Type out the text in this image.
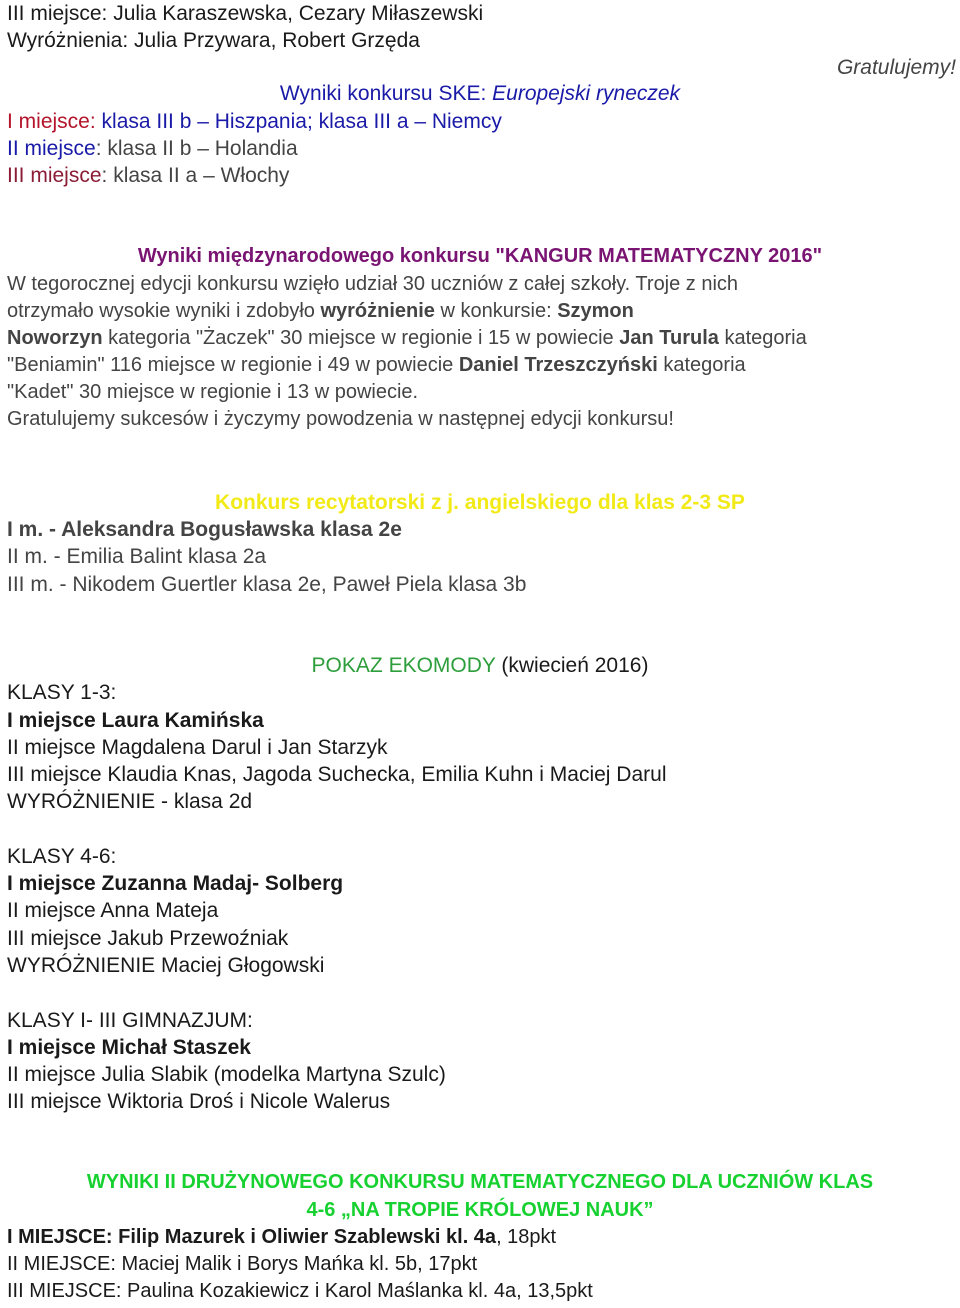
III miejsce: Julia Karaszewska, Cezary Miłaszewski
Wyróżnienia: Julia Przywara, Robert Grzęda
Gratulujemy!
Wyniki konkursu SKE: Europejski ryneczek
I miejsce: klasa III b – Hiszpania; klasa III a – Niemcy
II miejsce: klasa II b – Holandia
III miejsce: klasa II a – Włochy
Wyniki międzynarodowego konkursu "KANGUR MATEMATYCZNY 2016"
W tegorocznej edycji konkursu wzięło udział 30 uczniów z całej szkoły. Troje z nich
otrzymało wysokie wyniki i zdobyło wyróżnienie w konkursie: Szymon
Noworzyn kategoria "Żaczek" 30 miejsce w regionie i 15 w powiecie Jan Turula kategoria
"Beniamin" 116 miejsce w regionie i 49 w powiecie Daniel Trzeszczyński kategoria
"Kadet" 30 miejsce w regionie i 13 w powiecie.
Gratulujemy sukcesów i życzymy powodzenia w następnej edycji konkursu!
Konkurs recytatorski z j. angielskiego dla klas 2-3 SP
I m. - Aleksandra Bogusławska klasa 2e
II m. - Emilia Balint klasa 2a
III m. - Nikodem Guertler klasa 2e, Paweł Piela klasa 3b
POKAZ EKOMODY (kwiecień 2016)
KLASY 1-3:
I miejsce Laura Kamińska
II miejsce Magdalena Darul i Jan Starzyk
III miejsce Klaudia Knas, Jagoda Suchecka, Emilia Kuhn i Maciej Darul
WYRÓŻNIENIE - klasa 2d
KLASY 4-6:
I miejsce Zuzanna Madaj- Solberg
II miejsce Anna Mateja
III miejsce Jakub Przewoźniak
WYRÓŻNIENIE Maciej Głogowski
KLASY I- III GIMNAZJUM:
I miejsce Michał Staszek
II miejsce Julia Slabik (modelka Martyna Szulc)
III miejsce Wiktoria Droś i Nicole Walerus
WYNIKI II DRUŻYNOWEGO KONKURSU MATEMATYCZNEGO DLA UCZNIÓW KLAS
4-6 „NA TROPIE KRÓLOWEJ NAUK”
I MIEJSCE: Filip Mazurek i Oliwier Szablewski kl. 4a, 18pkt
II MIEJSCE: Maciej Malik i Borys Mańka kl. 5b, 17pkt
III MIEJSCE: Paulina Kozakiewicz i Karol Maślanka kl. 4a, 13,5pkt
